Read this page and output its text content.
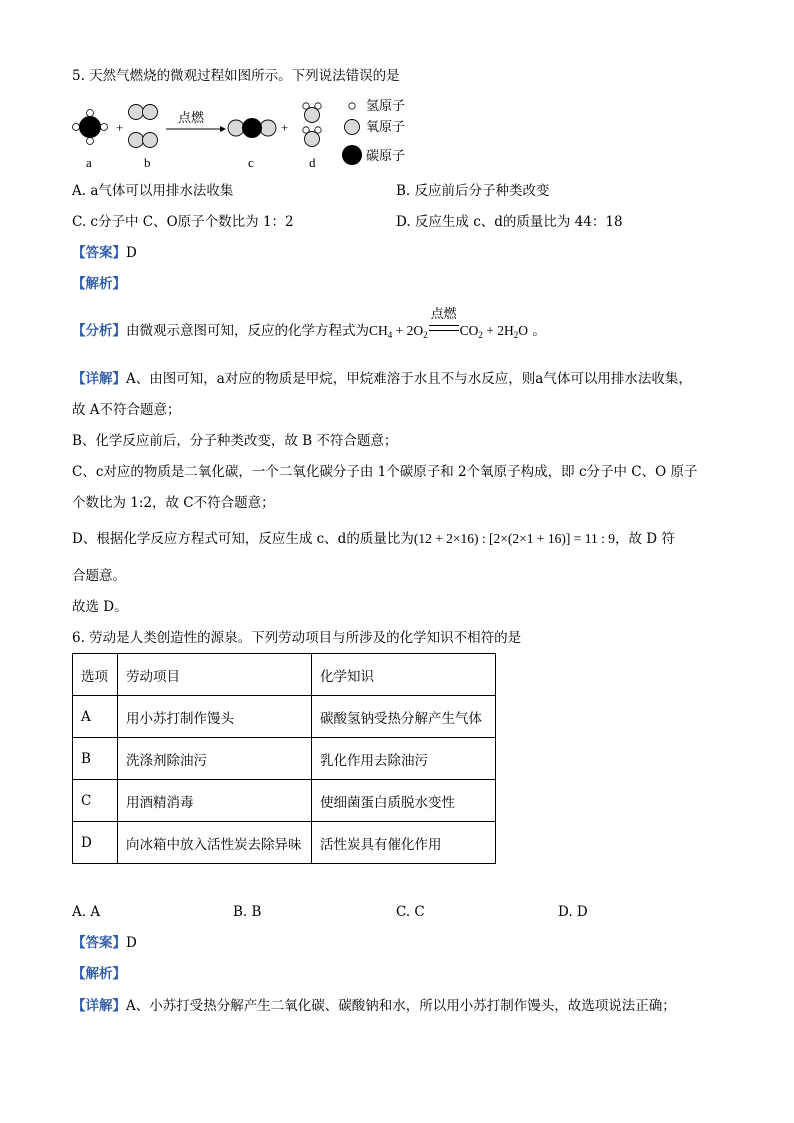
5. 天然气燃烧的微观过程如图所示。下列说法错误的是
+
点燃
+
a	b	c	d
氢原子
氧原子
碳原子
A. a气体可以用排水法收集	B. 反应前后分子种类改变
C. c分子中 C、O原子个数比为 1：2	D. 反应生成 c、d的质量比为 44：18
【答案】D
【解析】
【分析】由微观示意图可知，反应的化学方程式为$CH_4 + 2O_2$
点燃
$CO_2 + 2H_2O$ 。
【详解】A、由图可知，a对应的物质是甲烷，甲烷难溶于水且不与水反应，则a气体可以用排水法收集，
故 A不符合题意；
B、化学反应前后，分子种类改变，故 B 不符合题意；
C、c对应的物质是二氧化碳，一个二氧化碳分子由 1个碳原子和 2个氧原子构成，即 c分子中 C、O 原子
个数比为 1:2，故 C不符合题意；
D、根据化学反应方程式可知，反应生成 c、d的质量比为(12 + 2×16) : [2×(2×1 + 16)] = 11 : 9，故 D 符
合题意。
故选 D。
6. 劳动是人类创造性的源泉。下列劳动项目与所涉及的化学知识不相符的是
选项	劳动项目	化学知识
A	用小苏打制作馒头	碳酸氢钠受热分解产生气体
B	洗涤剂除油污	乳化作用去除油污
C	用酒精消毒	使细菌蛋白质脱水变性
D	向冰箱中放入活性炭去除异味	活性炭具有催化作用
A. A	B. B	C. C	D. D
【答案】D
【解析】
【详解】A、小苏打受热分解产生二氧化碳、碳酸钠和水，所以用小苏打制作馒头，故选项说法正确；
